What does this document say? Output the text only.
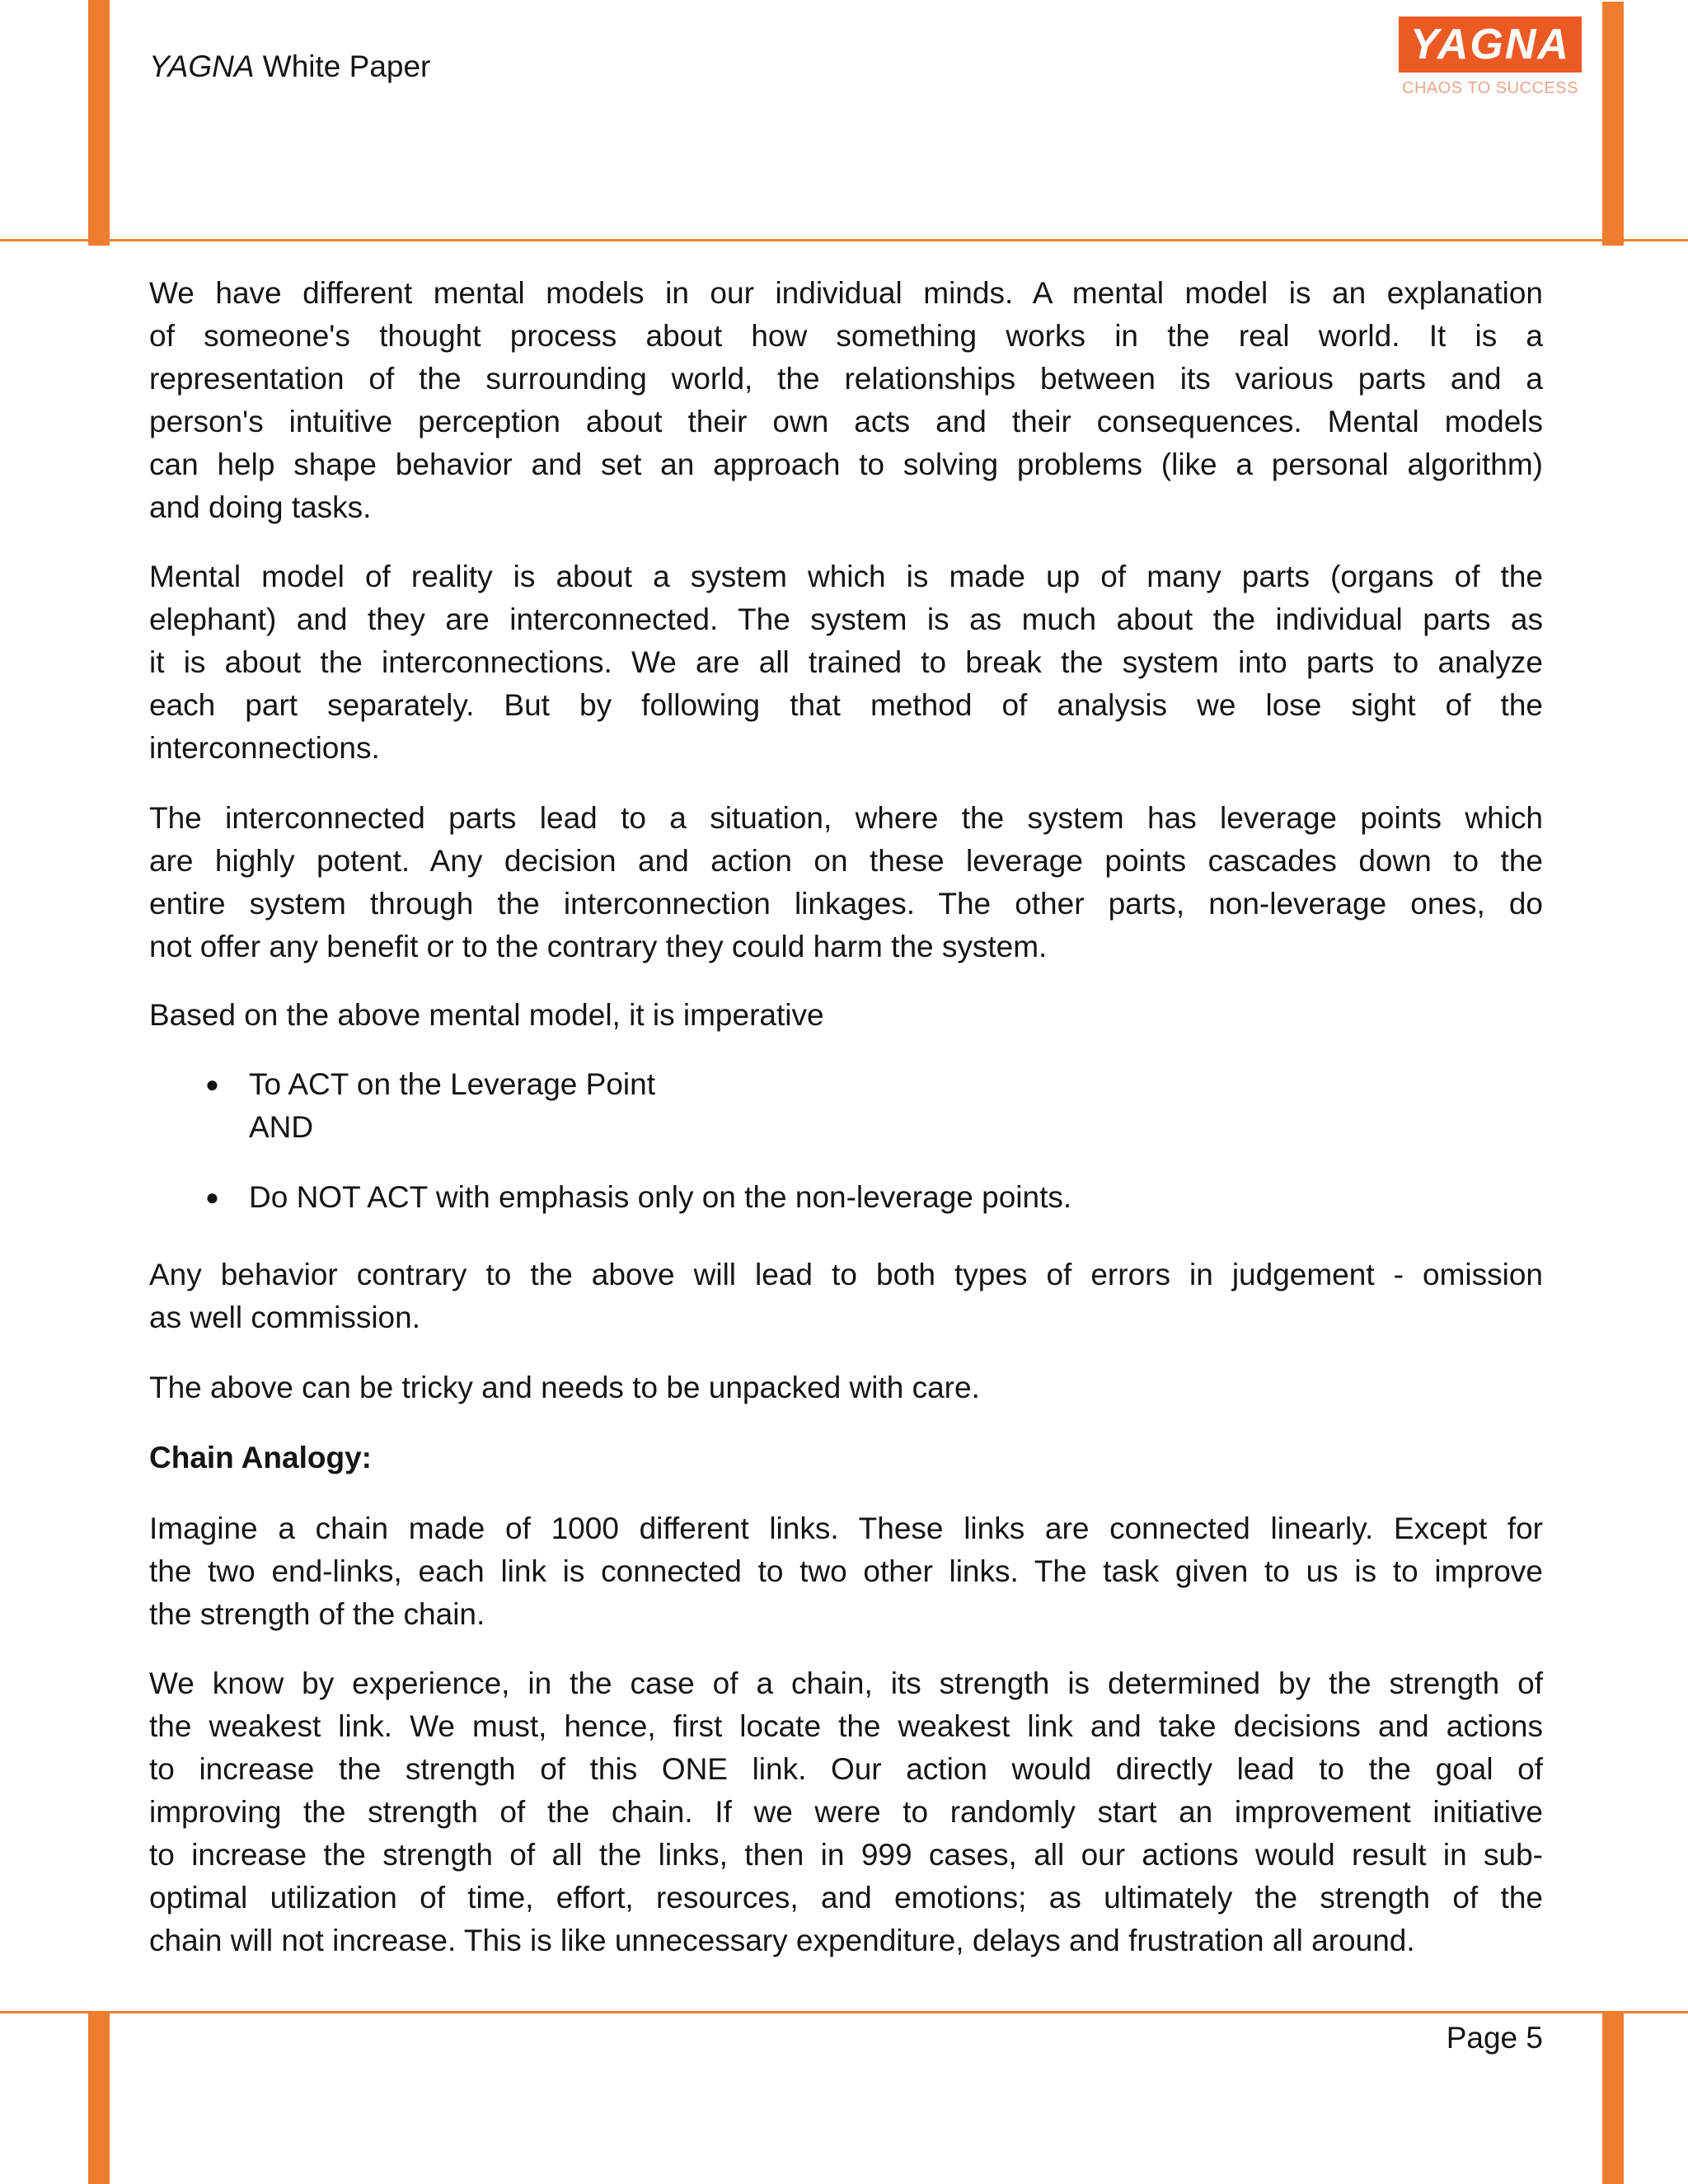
YAGNA White Paper	YAGNA
CHAOS TO SUCCESS
We have different mental models in our individual minds. A mental model is an explanation
of someone's thought process about how something works in the real world. It is a
representation of the surrounding world, the relationships between its various parts and a
person's intuitive perception about their own acts and their consequences. Mental models
can help shape behavior and set an approach to solving problems (like a personal algorithm)
and doing tasks.
Mental model of reality is about a system which is made up of many parts (organs of the
elephant) and they are interconnected. The system is as much about the individual parts as
it is about the interconnections. We are all trained to break the system into parts to analyze
each part separately. But by following that method of analysis we lose sight of the
interconnections.
The interconnected parts lead to a situation, where the system has leverage points which
are highly potent. Any decision and action on these leverage points cascades down to the
entire system through the interconnection linkages. The other parts, non-leverage ones, do
not offer any benefit or to the contrary they could harm the system.
Based on the above mental model, it is imperative
Any behavior contrary to the above will lead to both types of errors in judgement - omission
as well commission.
The above can be tricky and needs to be unpacked with care.
Imagine a chain made of 1000 different links. These links are connected linearly. Except for
the two end-links, each link is connected to two other links. The task given to us is to improve
the strength of the chain.
We know by experience, in the case of a chain, its strength is determined by the strength of
the weakest link. We must, hence, first locate the weakest link and take decisions and actions
to increase the strength of this ONE link. Our action would directly lead to the goal of
improving the strength of the chain. If we were to randomly start an improvement initiative
to increase the strength of all the links, then in 999 cases, all our actions would result in sub-
optimal utilization of time, effort, resources, and emotions; as ultimately the strength of the
chain will not increase. This is like unnecessary expenditure, delays and frustration all around.
● To ACT on the Leverage Point
AND
● Do NOT ACT with emphasis only on the non-leverage points.
Chain Analogy:
Page 5
